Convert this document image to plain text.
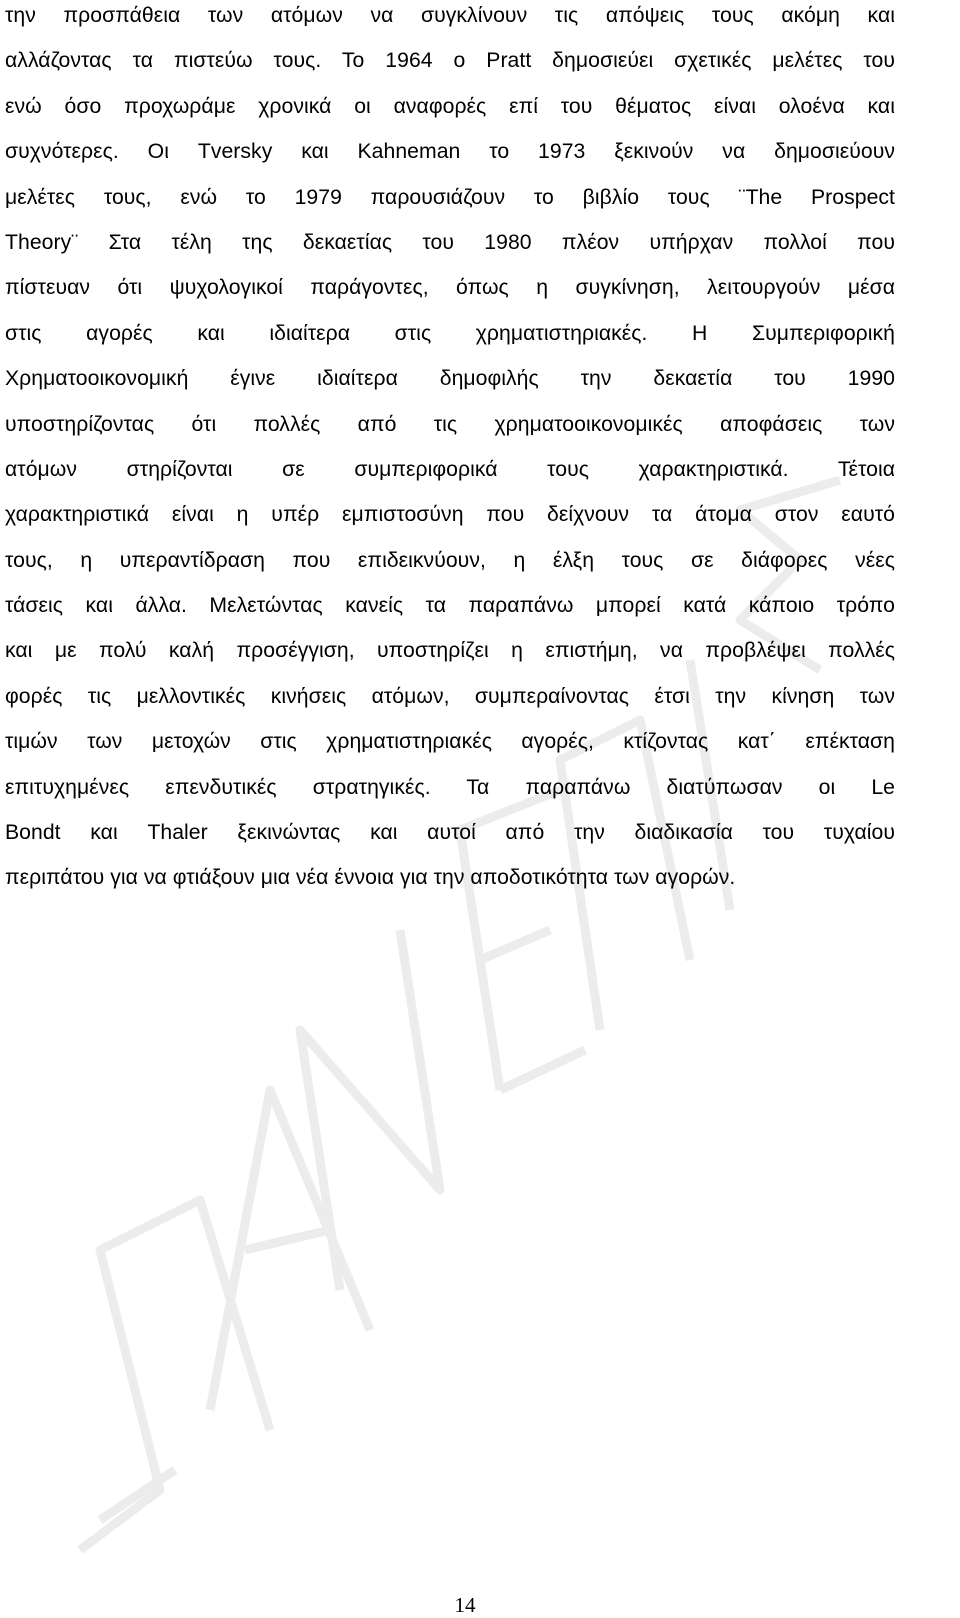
την προσπάθεια των ατόμων να συγκλίνουν τις απόψεις τους ακόμη και
αλλάζοντας τα πιστεύω τους. Το 1964 ο Pratt δημοσιεύει σχετικές μελέτες του
ενώ όσο προχωράμε χρονικά οι αναφορές επί του θέματος είναι ολοένα και
συχνότερες. Οι Tversky και Kahneman το 1973 ξεκινούν να δημοσιεύουν
μελέτες τους, ενώ το 1979 παρουσιάζουν το βιβλίο τους ¨The Prospect
Theory¨ Στα τέλη της δεκαετίας του 1980 πλέον υπήρχαν πολλοί που
πίστευαν ότι ψυχολογικοί παράγοντες, όπως η συγκίνηση, λειτουργούν μέσα
στις αγορές και ιδιαίτερα στις χρηματιστηριακές. Η Συμπεριφορική
Χρηματοοικονομική έγινε ιδιαίτερα δημοφιλής την δεκαετία του 1990
υποστηρίζοντας ότι πολλές από τις χρηματοοικονομικές αποφάσεις των
ατόμων στηρίζονται σε συμπεριφορικά τους χαρακτηριστικά. Τέτοια
χαρακτηριστικά είναι η υπέρ εμπιστοσύνη που δείχνουν τα άτομα στον εαυτό
τους, η υπεραντίδραση που επιδεικνύουν, η έλξη τους σε διάφορες νέες
τάσεις και άλλα. Μελετώντας κανείς τα παραπάνω μπορεί κατά κάποιο τρόπο
και με πολύ καλή προσέγγιση, υποστηρίζει η επιστήμη, να προβλέψει πολλές
φορές τις μελλοντικές κινήσεις ατόμων, συμπεραίνοντας έτσι την κίνηση των
τιμών των μετοχών στις χρηματιστηριακές αγορές, κτίζοντας κατ΄ επέκταση
επιτυχημένες επενδυτικές στρατηγικές. Τα παραπάνω διατύπωσαν οι Le
Bondt και Thaler ξεκινώντας και αυτοί από την διαδικασία του τυχαίου
περιπάτου για να φτιάξουν μια νέα έννοια για την αποδοτικότητα των αγορών.
14
